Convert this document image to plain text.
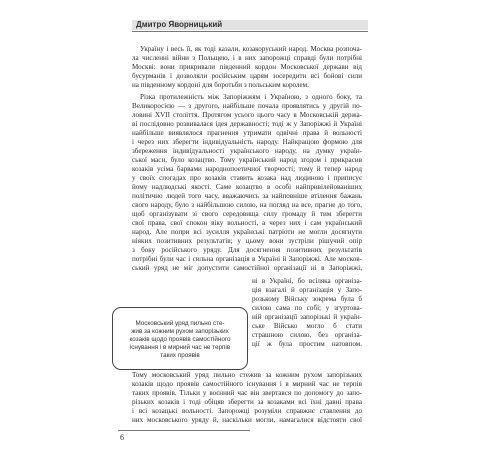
Дмитро Яворницький
Україну і весь її, як тоді казали, козакоруський народ. Москва розпоча-
ла численні війни з Польщею, і в них запорожці справді були потрібні
Москві: вони прикривали південний кордон Московської держави від
бусурманів і дозволяли російським царям зосередити всі бойові сили
на південному кордоні для боротьби з польським королем.
Різка протилежність між Запоріжжям і Україною, з одного боку, та
Великоросією — з другого, найбільше почала проявлятись у другій по-
ловині XVII століття. Протягом усього цього часу в Московській держа-
ві послідовно розвивалася ідея державності; тоді ж у Запоріжжі й Україні
найбільше виявлялося прагнення утримати одвічні права й вольності
і через них зберегти індивідуальність народу. Найкращою формою для
збереження індивідуальності українського народу, на думку україн-
ської маси, було козацтво. Тому український народ згодом і прикрасив
козаків усіма барвами народнопоетичної творчості; тому й тепер народ
у своїх спогадах про козаків ставить козака над людиною і приписує
йому надлюдські якості. Саме козацтво в особі найпривілейованіших
політично людей того часу, вважаючись за найповніше втілення бажань
свого народу, було з найбільшою силою, на погляд на все, прагне до того,
щоб організувати зі свого середовища силу громаду й тим зберегти
свої права, свої спокон віку вольності, а через них і сам український
народ. Але попри всі зусилля українські патріоти не могли досягнути
ніяких позитивних результатів; у цьому вони зустріли рішучий опір
з боку російського уряду. Для досягнення позитивних результатів
потрібні були час і сильна організація в Україні й Запоріжжі. Але москов-
ський уряд не міг допустити самостійної організації ні в Запоріжжі,
Московський уряд пильно сте-
жив за кожним рухом запорізьких
козаків щодо проявів самостійного
існування і в мирний час не терпів
таких проявів
ні в Україні, бо всіляка організа-
ція взагалі й організація у Запо-
розькому Війську зокрема була б
силою сама по собі; у згуртова-
ній організації запорізькі й україн-
ське Військо могло б стати
страшною силою, без організа-
ції ж була простим натовпом.
Тому московський уряд пильно стежив за кожним рухом запорізьких
козаків щодо проявів самостійного існування і в мирний час не терпів
таких проявів. Тільки у воєнний час він звертався по допомогу до запо-
різьких козаків і тоді обіцяв зберегти за козаками всі їхні давні права
і всі козацькі вольності. Запорожці розуміли справжнє ставлення до
них московського уряду й, наскільки могли, намагалися відстояти свої
6
